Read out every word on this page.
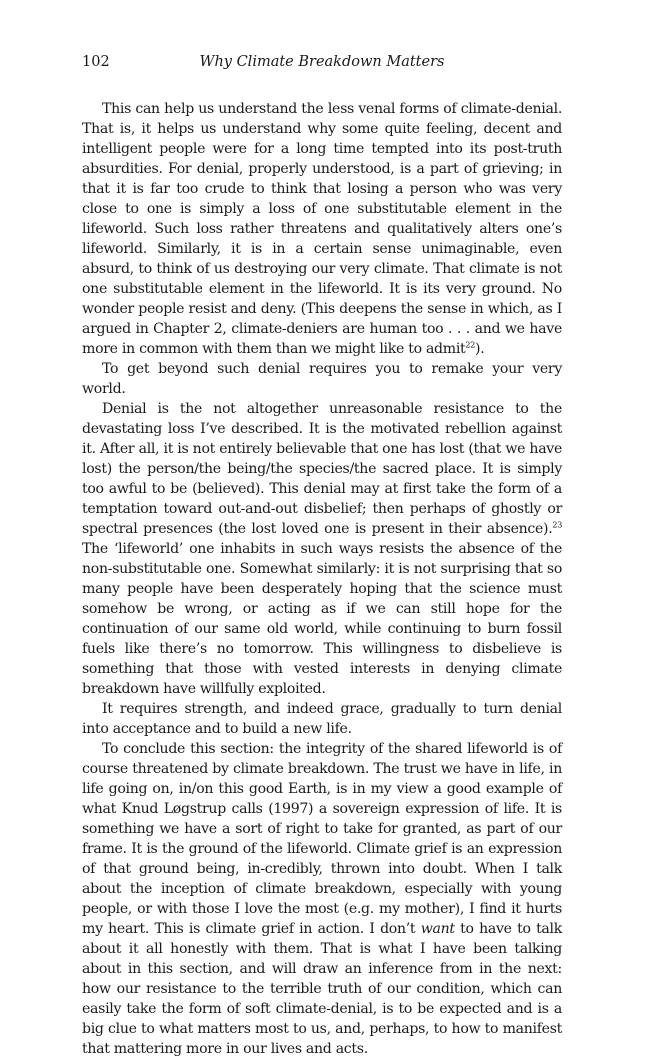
102	Why Climate Breakdown Matters

This can help us understand the less venal forms of climate-denial. That is, it helps us understand why some quite feeling, decent and intelligent people were for a long time tempted into its post-truth absurdities. For denial, properly understood, is a part of grieving; in that it is far too crude to think that losing a person who was very close to one is simply a loss of one substitutable element in the lifeworld. Such loss rather threatens and qualitatively alters one’s lifeworld. Similarly, it is in a certain sense unimaginable, even absurd, to think of us destroying our very climate. That climate is not one substitutable element in the lifeworld. It is its very ground. No wonder people resist and deny. (This deepens the sense in which, as I argued in Chapter 2, climate-deniers are human too . . . and we have more in common with them than we might like to admit$^{22}$).

To get beyond such denial requires you to remake your very world.

Denial is the not altogether unreasonable resistance to the devastating loss I’ve described. It is the motivated rebellion against it. After all, it is not entirely believable that one has lost (that we have lost) the person/the being/the species/the sacred place. It is simply too awful to be (believed). This denial may at first take the form of a temptation toward out-and-out disbelief; then perhaps of ghostly or spectral presences (the lost loved one is present in their absence).$^{23}$ The ‘lifeworld’ one inhabits in such ways resists the absence of the non-substitutable one. Somewhat similarly: it is not surprising that so many people have been desperately hoping that the science must somehow be wrong, or acting as if we can still hope for the continuation of our same old world, while continuing to burn fossil fuels like there’s no tomorrow. This willingness to disbelieve is something that those with vested interests in denying climate breakdown have willfully exploited.

It requires strength, and indeed grace, gradually to turn denial into acceptance and to build a new life.

To conclude this section: the integrity of the shared lifeworld is of course threatened by climate breakdown. The trust we have in life, in life going on, in/on this good Earth, is in my view a good example of what Knud Løgstrup calls (1997) a sovereign expression of life. It is something we have a sort of right to take for granted, as part of our frame. It is the ground of the lifeworld. Climate grief is an expression of that ground being, in-credibly, thrown into doubt. When I talk about the inception of climate breakdown, especially with young people, or with those I love the most (e.g. my mother), I find it hurts my heart. This is climate grief in action. I don’t want to have to talk about it all honestly with them. That is what I have been talking about in this section, and will draw an inference from in the next: how our resistance to the terrible truth of our condition, which can easily take the form of soft climate-denial, is to be expected and is a big clue to what matters most to us, and, perhaps, to how to manifest that mattering more in our lives and acts.
